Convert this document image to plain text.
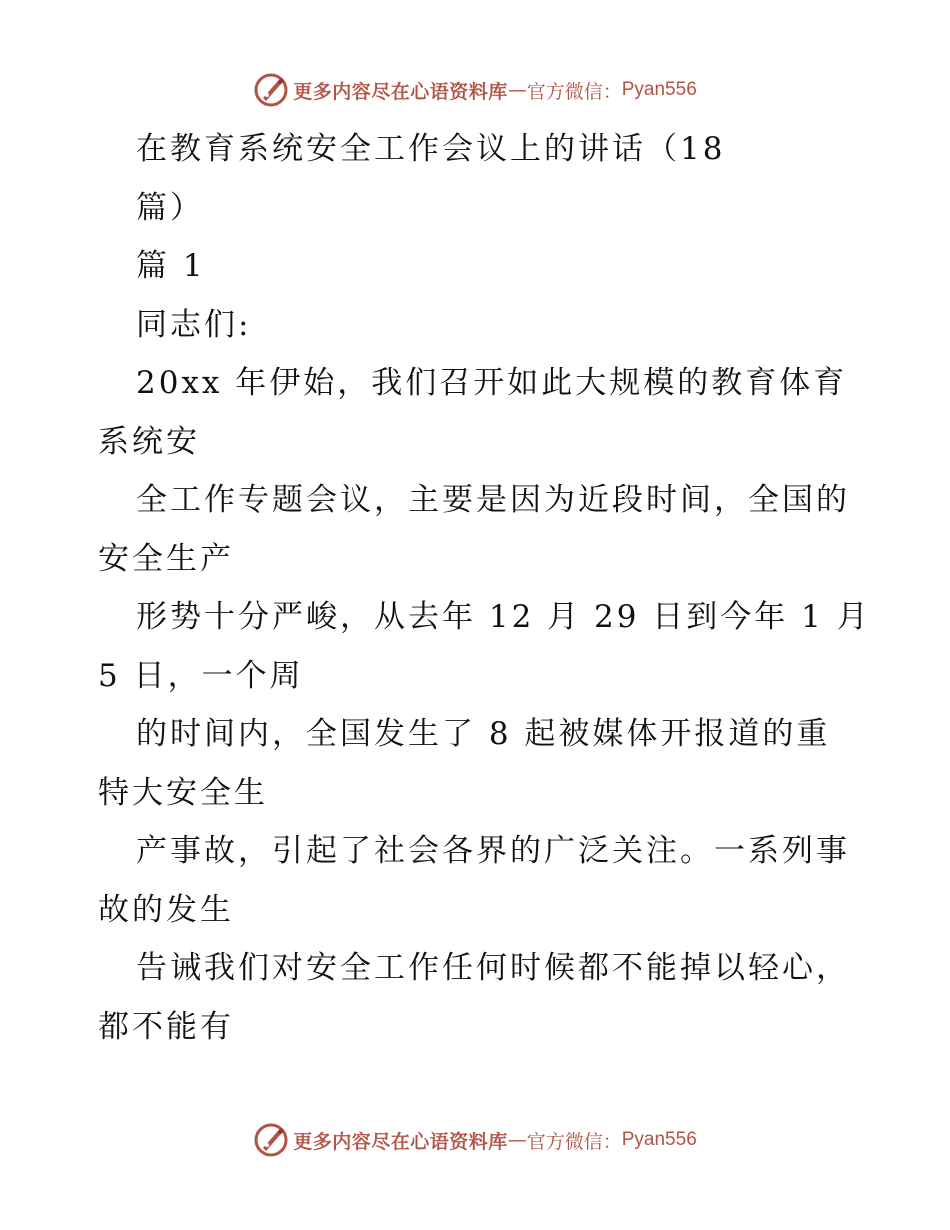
更多内容尽在心语资料库 — 官方微信： Pyan556
在教育系统安全工作会议上的讲话（18
篇）
篇 1
同志们:
20xx 年伊始，我们召开如此大规模的教育体育
系统安
全工作专题会议，主要是因为近段时间，全国的
安全生产
形势十分严峻，从去年 12 月 29 日到今年 1 月
5 日，一个周
的时间内，全国发生了 8 起被媒体开报道的重
特大安全生
产事故，引起了社会各界的广泛关注。一系列事
故的发生
告诫我们对安全工作任何时候都不能掉以轻心，
都不能有
更多内容尽在心语资料库 — 官方微信： Pyan556
